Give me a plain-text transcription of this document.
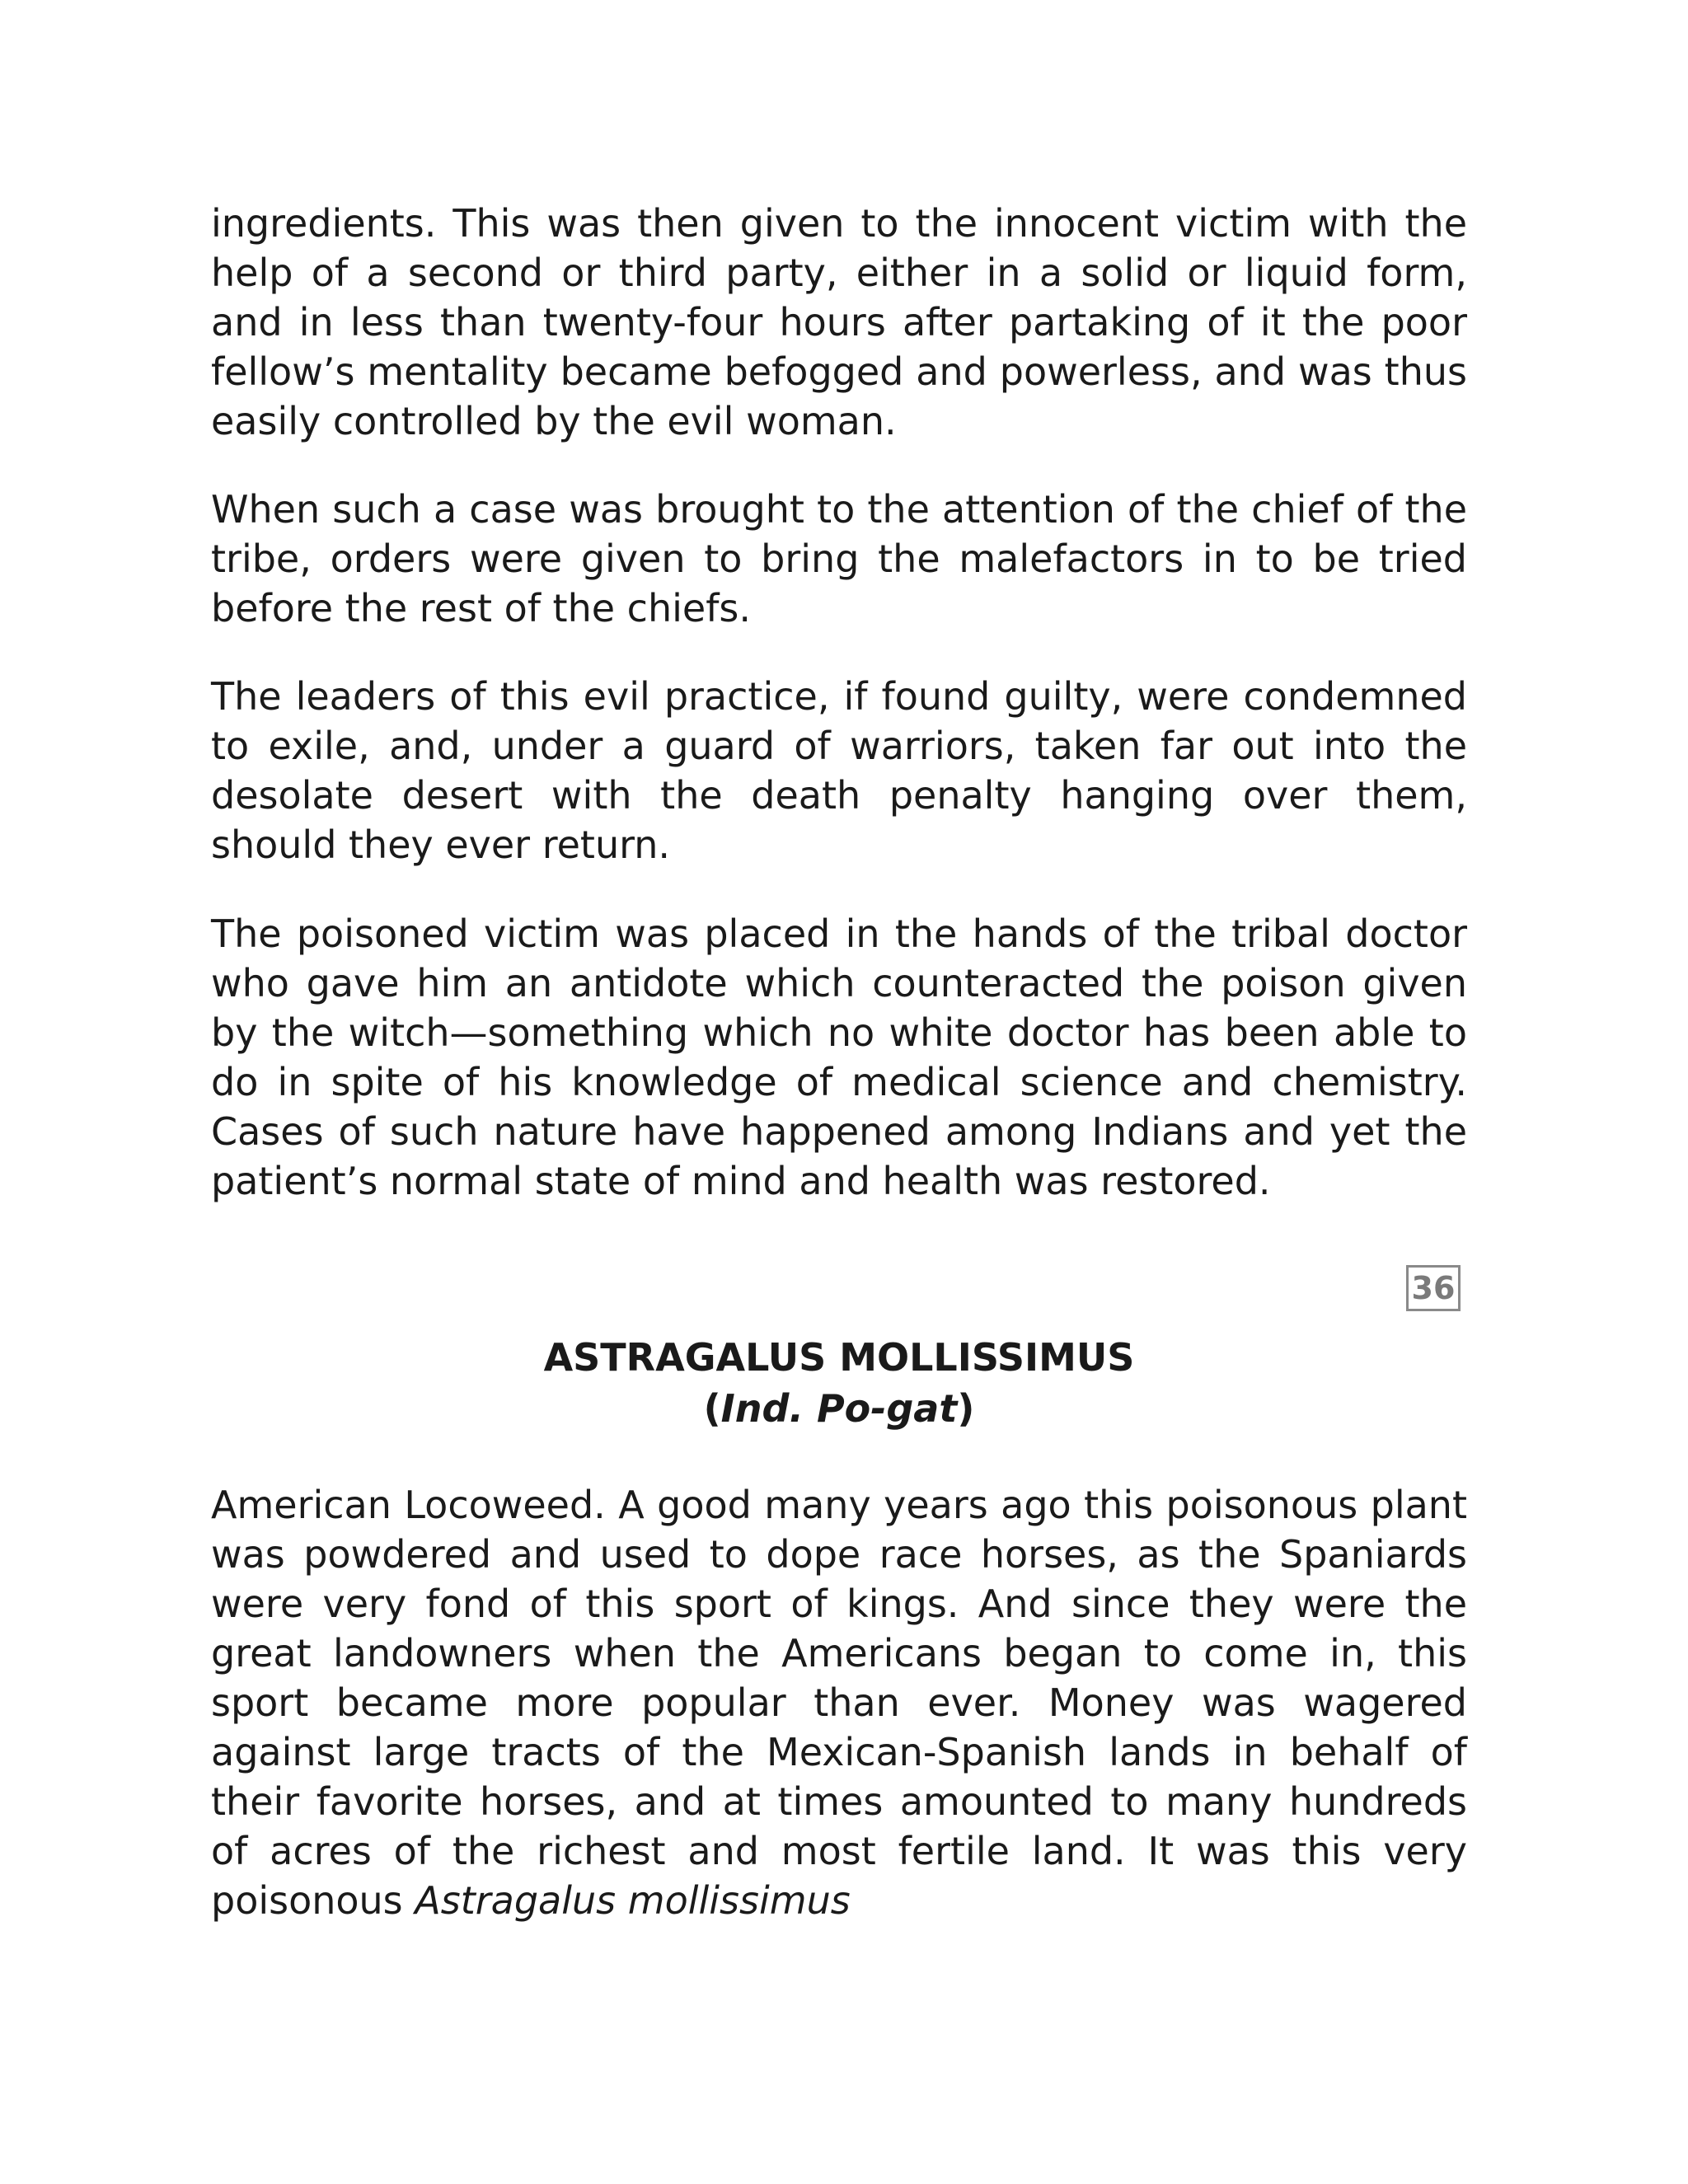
ingredients. This was then given to the innocent victim with the help of a second or third party, either in a solid or liquid form, and in less than twenty-four hours after partaking of it the poor fellow’s mentality became befogged and powerless, and was thus easily controlled by the evil woman.

When such a case was brought to the attention of the chief of the tribe, orders were given to bring the malefactors in to be tried before the rest of the chiefs.

The leaders of this evil practice, if found guilty, were condemned to exile, and, under a guard of warriors, taken far out into the desolate desert with the death penalty hanging over them, should they ever return.

The poisoned victim was placed in the hands of the tribal doctor who gave him an antidote which counteracted the poison given by the witch—something which no white doctor has been able to do in spite of his knowledge of medical science and chemistry. Cases of such nature have happened among Indians and yet the patient’s normal state of mind and health was restored.

36
ASTRAGALUS MOLLISSIMUS
(Ind. Po-gat)

American Locoweed. A good many years ago this poisonous plant was powdered and used to dope race horses, as the Spaniards were very fond of this sport of kings. And since they were the great landowners when the Americans began to come in, this sport became more popular than ever. Money was wagered against large tracts of the Mexican-Spanish lands in behalf of their favorite horses, and at times amounted to many hundreds of acres of the richest and most fertile land. It was this very poisonous Astragalus mollissimus
